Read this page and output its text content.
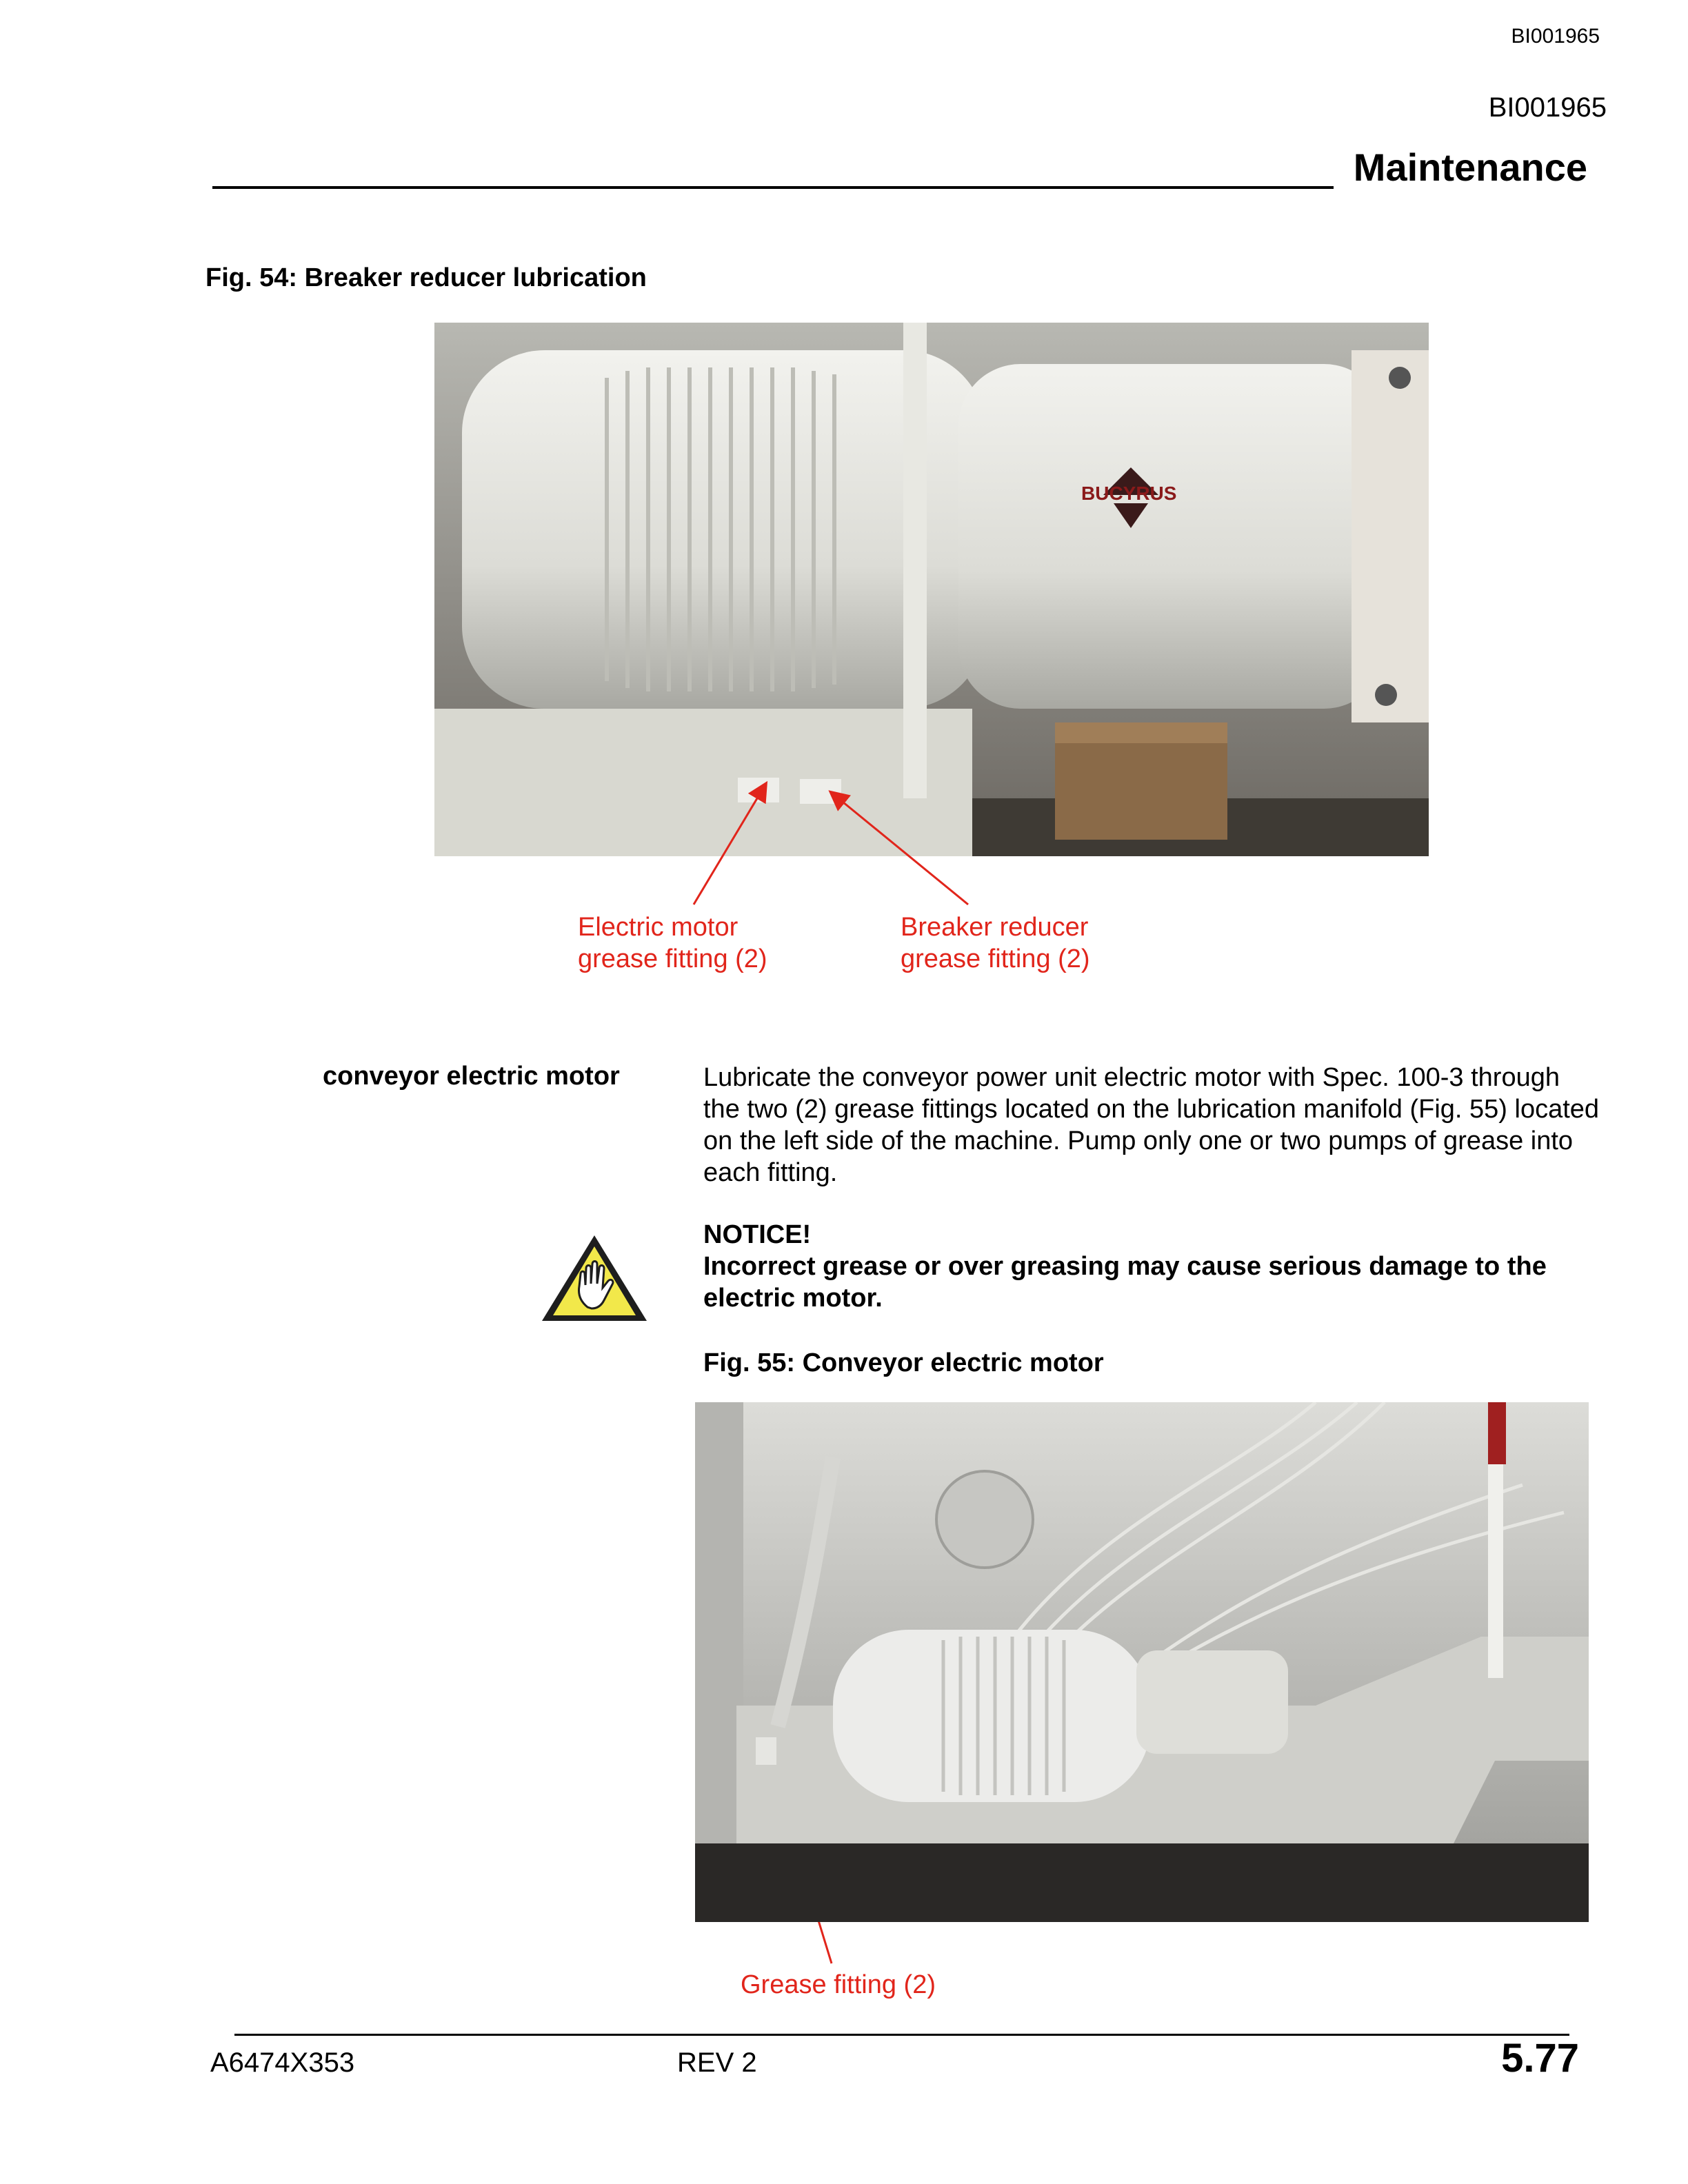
BI001965
BI001965
Maintenance
Fig. 54: Breaker reducer lubrication
BUCYRUS
Electric motor
grease fitting (2)
Breaker reducer
grease fitting (2)
conveyor electric motor	Lubricate the conveyor power unit electric motor with Spec. 100-3 through the two (2) grease fittings located on the lubrication manifold (Fig. 55) located on the left side of the machine. Pump only one or two pumps of grease into each fitting.
NOTICE!
Incorrect grease or over greasing may cause serious damage to the electric motor.
Fig. 55: Conveyor electric motor
Grease fitting (2)
A6474X353	REV 2	5.77
